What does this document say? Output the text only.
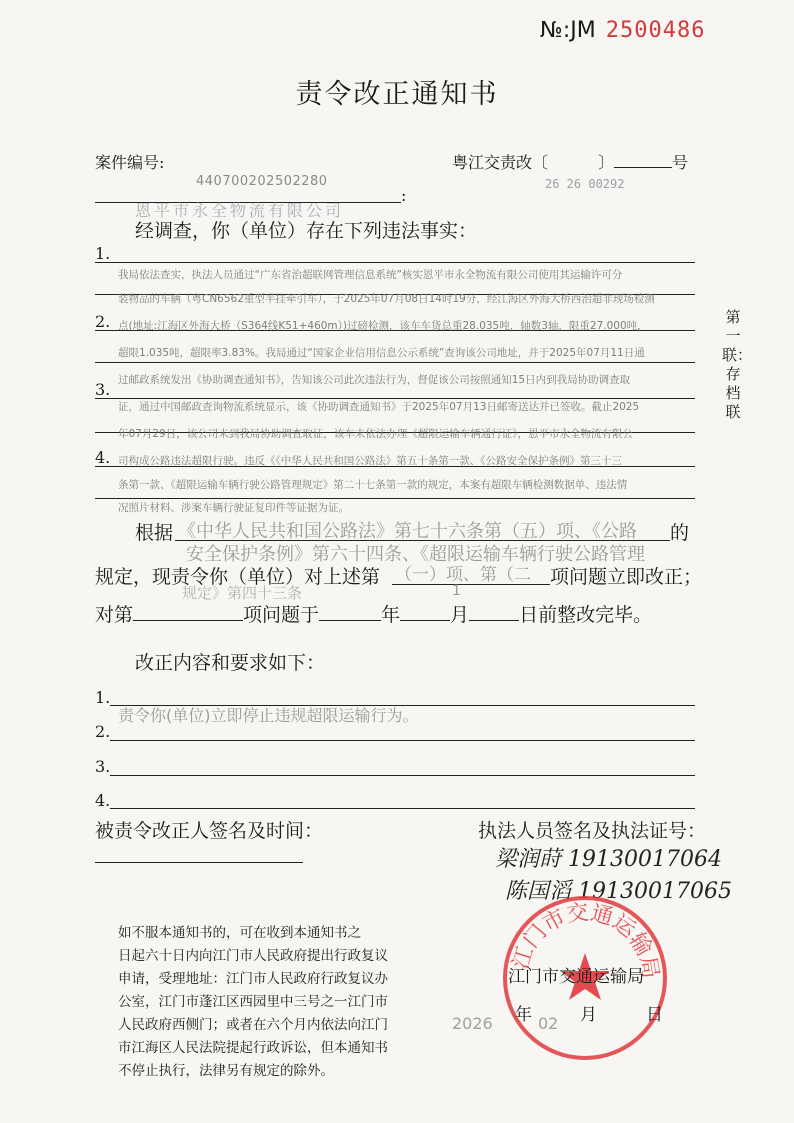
№:JM 2500486
责令改正通知书
案件编号:	粤江交责改〔	〕	号
440700202502280	26 26 00292
:
恩平市永全物流有限公司
经调查，你（单位）存在下列违法事实：
1.
2.
3.
4.
我局依法查实，执法人员通过“广东省治超联网管理信息系统”核实恩平市永全物流有限公司使用其运输许可分
装物品的车辆（粤CN6562重型半挂牵引车），于2025年07月08日14时19分，经江海区外海大桥西治超非现场检测
点(地址:江海区外海大桥（S364线K51+460m）)过磅检测，该车车货总重28.035吨，轴数3轴，限重27.000吨，
超限1.035吨，超限率3.83%。我局通过“国家企业信用信息公示系统”查询该公司地址，并于2025年07月11日通
过邮政系统发出《协助调查通知书》，告知该公司此次违法行为，督促该公司按照通知15日内到我局协助调查取
证，通过中国邮政查询物流系统显示，该《协助调查通知书》于2025年07月13日邮寄送达并已签收。截止2025
年07月29日，该公司未到我局协助调查取证，该车未依法办理《超限运输车辆通行证》，恩平市永全物流有限公
司构成公路违法超限行驶。违反《《中华人民共和国公路法》第五十条第一款、《公路安全保护条例》第三十三
条第一款、《超限运输车辆行驶公路管理规定》第二十七条第一款的规定，本案有超限车辆检测数据单、违法情
况照片材料、涉案车辆行驶证复印件等证据为证。
第一联：存档联
根据 《中华人民共和国公路法》第七十六条第（五）项、《公路 的
安全保护条例》第六十四条、《超限运输车辆行驶公路管理
规定，现责令你（单位）对上述第 （一）项、第（二 项问题立即改正；
规定》第四十三条	1
对第	项问题于	年	月	日前整改完毕。
改正内容和要求如下：
1.
2.
3.
4.
责令你(单位)立即停止违规超限运输行为。
被责令改正人签名及时间：	执法人员签名及执法证号：
梁润莳 19130017064
陈国滔 19130017065
如不服本通知书的，可在收到本通知书之
日起六十日内向江门市人民政府提出行政复议
申请，受理地址：江门市人民政府行政复议办
公室，江门市蓬江区西园里中三号之一江门市
人民政府西侧门；或者在六个月内依法向江门
市江海区人民法院提起行政诉讼，但本通知书
不停止执行，法律另有规定的除外。
江门市交通运输局
江门市交通运输局
2026	02
年	月	日
